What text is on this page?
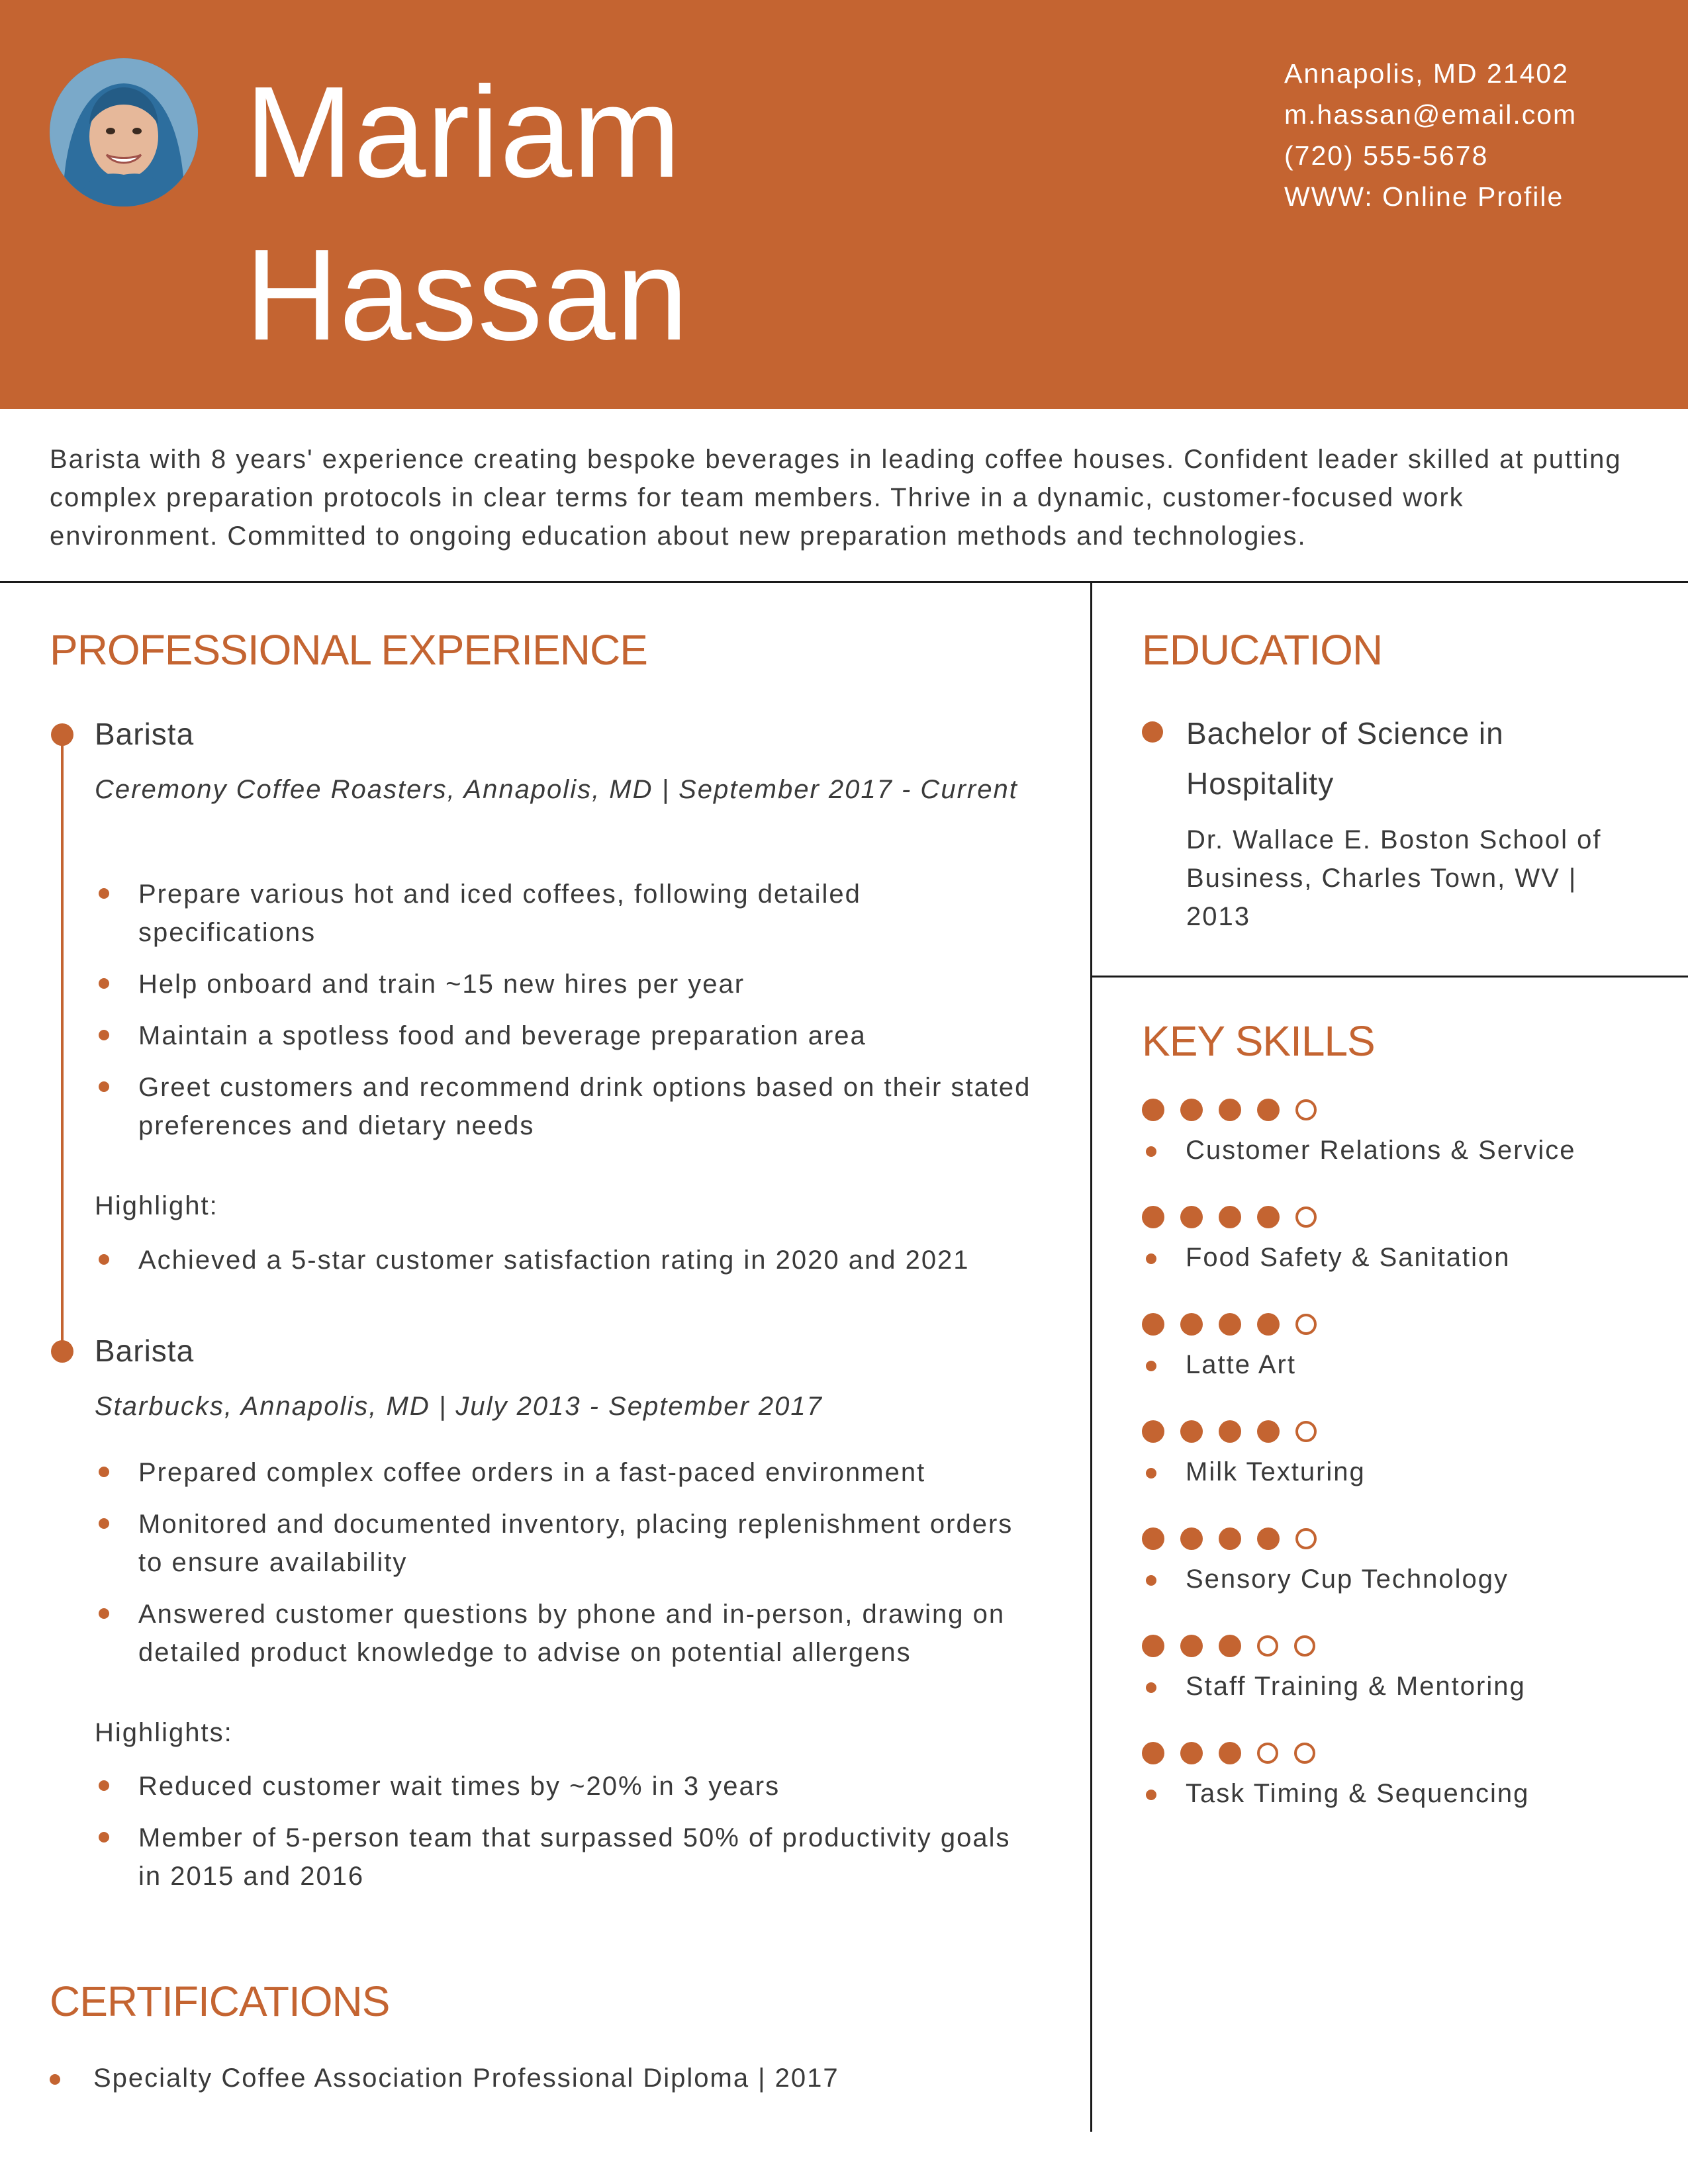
Mariam
Hassan
Annapolis, MD 21402
m.hassan@email.com
(720) 555-5678
WWW: Online Profile
Barista with 8 years' experience creating bespoke beverages in leading coffee houses. Confident leader skilled at putting complex preparation protocols in clear terms for team members. Thrive in a dynamic, customer-focused work environment. Committed to ongoing education about new preparation methods and technologies.
PROFESSIONAL EXPERIENCE
Barista
Ceremony Coffee Roasters, Annapolis, MD | September 2017 - Current
Prepare various hot and iced coffees, following detailed specifications
Help onboard and train ~15 new hires per year
Maintain a spotless food and beverage preparation area
Greet customers and recommend drink options based on their stated preferences and dietary needs
Highlight:
Achieved a 5-star customer satisfaction rating in 2020 and 2021
Barista
Starbucks, Annapolis, MD | July 2013 - September 2017
Prepared complex coffee orders in a fast-paced environment
Monitored and documented inventory, placing replenishment orders to ensure availability
Answered customer questions by phone and in-person, drawing on detailed product knowledge to advise on potential allergens
Highlights:
Reduced customer wait times by ~20% in 3 years
Member of 5-person team that surpassed 50% of productivity goals in 2015 and 2016
CERTIFICATIONS
Specialty Coffee Association Professional Diploma | 2017
EDUCATION
Bachelor of Science in Hospitality
Dr. Wallace E. Boston School of Business, Charles Town, WV | 2013
KEY SKILLS
Customer Relations & Service
Food Safety & Sanitation
Latte Art
Milk Texturing
Sensory Cup Technology
Staff Training & Mentoring
Task Timing & Sequencing
